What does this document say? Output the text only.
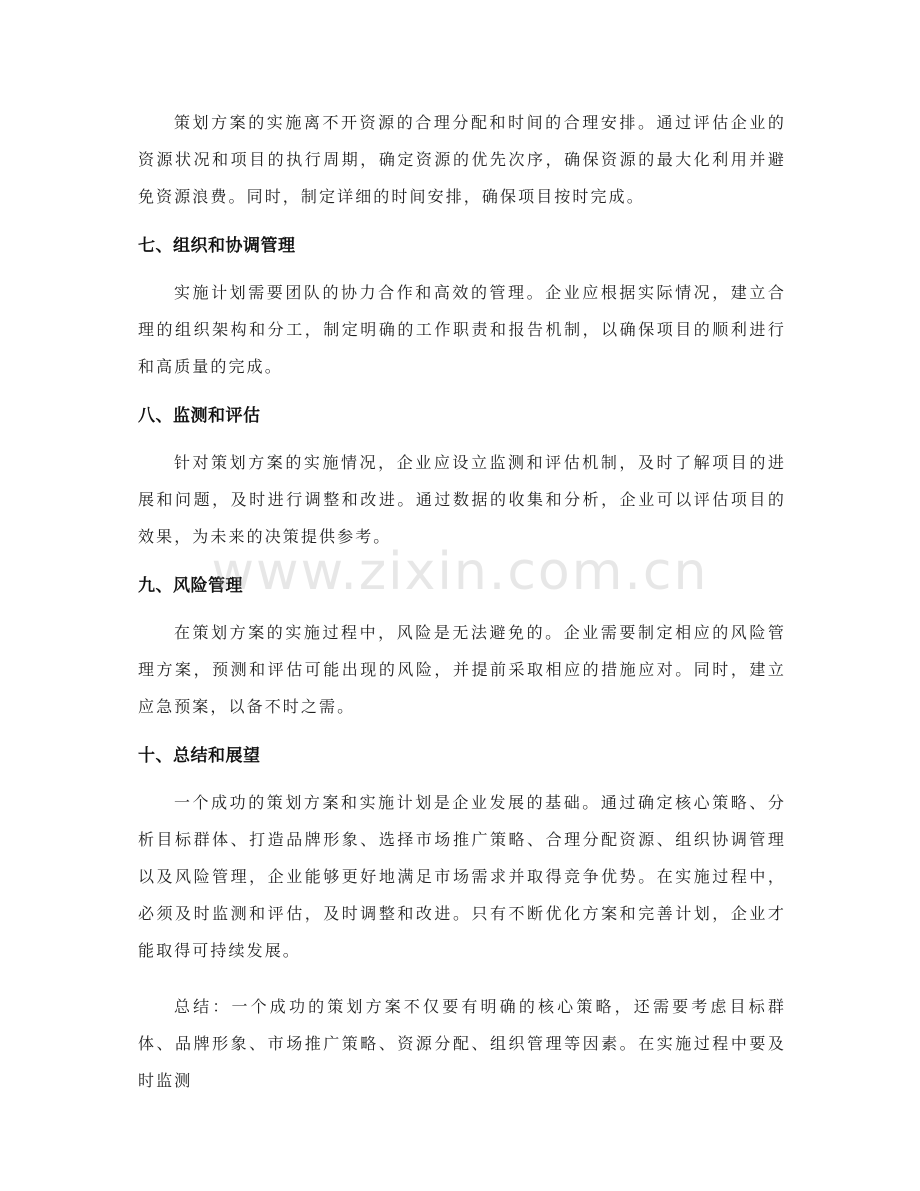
策划方案的实施离不开资源的合理分配和时间的合理安排。通过评估企业的资源状况和项目的执行周期，确定资源的优先次序，确保资源的最大化利用并避免资源浪费。同时，制定详细的时间安排，确保项目按时完成。

七、组织和协调管理

实施计划需要团队的协力合作和高效的管理。企业应根据实际情况，建立合理的组织架构和分工，制定明确的工作职责和报告机制，以确保项目的顺利进行和高质量的完成。

八、监测和评估

针对策划方案的实施情况，企业应设立监测和评估机制，及时了解项目的进展和问题，及时进行调整和改进。通过数据的收集和分析，企业可以评估项目的效果，为未来的决策提供参考。

九、风险管理

在策划方案的实施过程中，风险是无法避免的。企业需要制定相应的风险管理方案，预测和评估可能出现的风险，并提前采取相应的措施应对。同时，建立应急预案，以备不时之需。

十、总结和展望

一个成功的策划方案和实施计划是企业发展的基础。通过确定核心策略、分析目标群体、打造品牌形象、选择市场推广策略、合理分配资源、组织协调管理以及风险管理，企业能够更好地满足市场需求并取得竞争优势。在实施过程中，必须及时监测和评估，及时调整和改进。只有不断优化方案和完善计划，企业才能取得可持续发展。

总结：一个成功的策划方案不仅要有明确的核心策略，还需要考虑目标群体、品牌形象、市场推广策略、资源分配、组织管理等因素。在实施过程中要及时监测

www.zixin.com.cn
